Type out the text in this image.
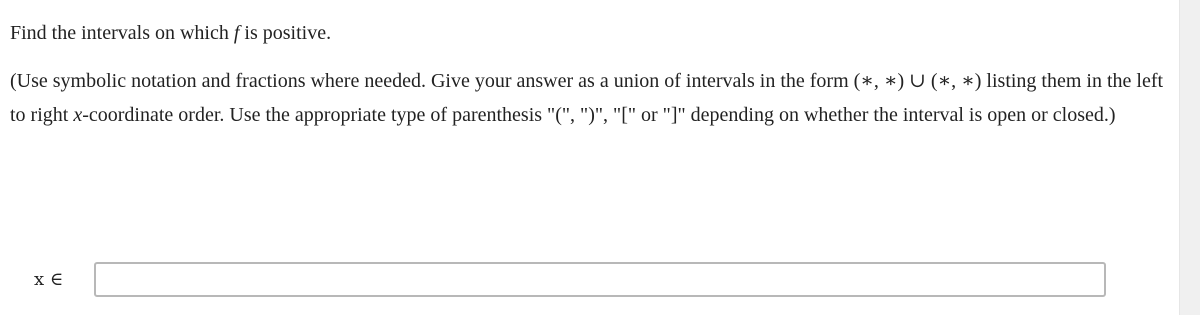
Find the intervals on which f is positive.
(Use symbolic notation and fractions where needed. Give your answer as a union of intervals in the form (∗, ∗) ∪ (∗, ∗) listing them in the left to right x-coordinate order. Use the appropriate type of parenthesis "(", ")", "[" or "]" depending on whether the interval is open or closed.)
x ∈
